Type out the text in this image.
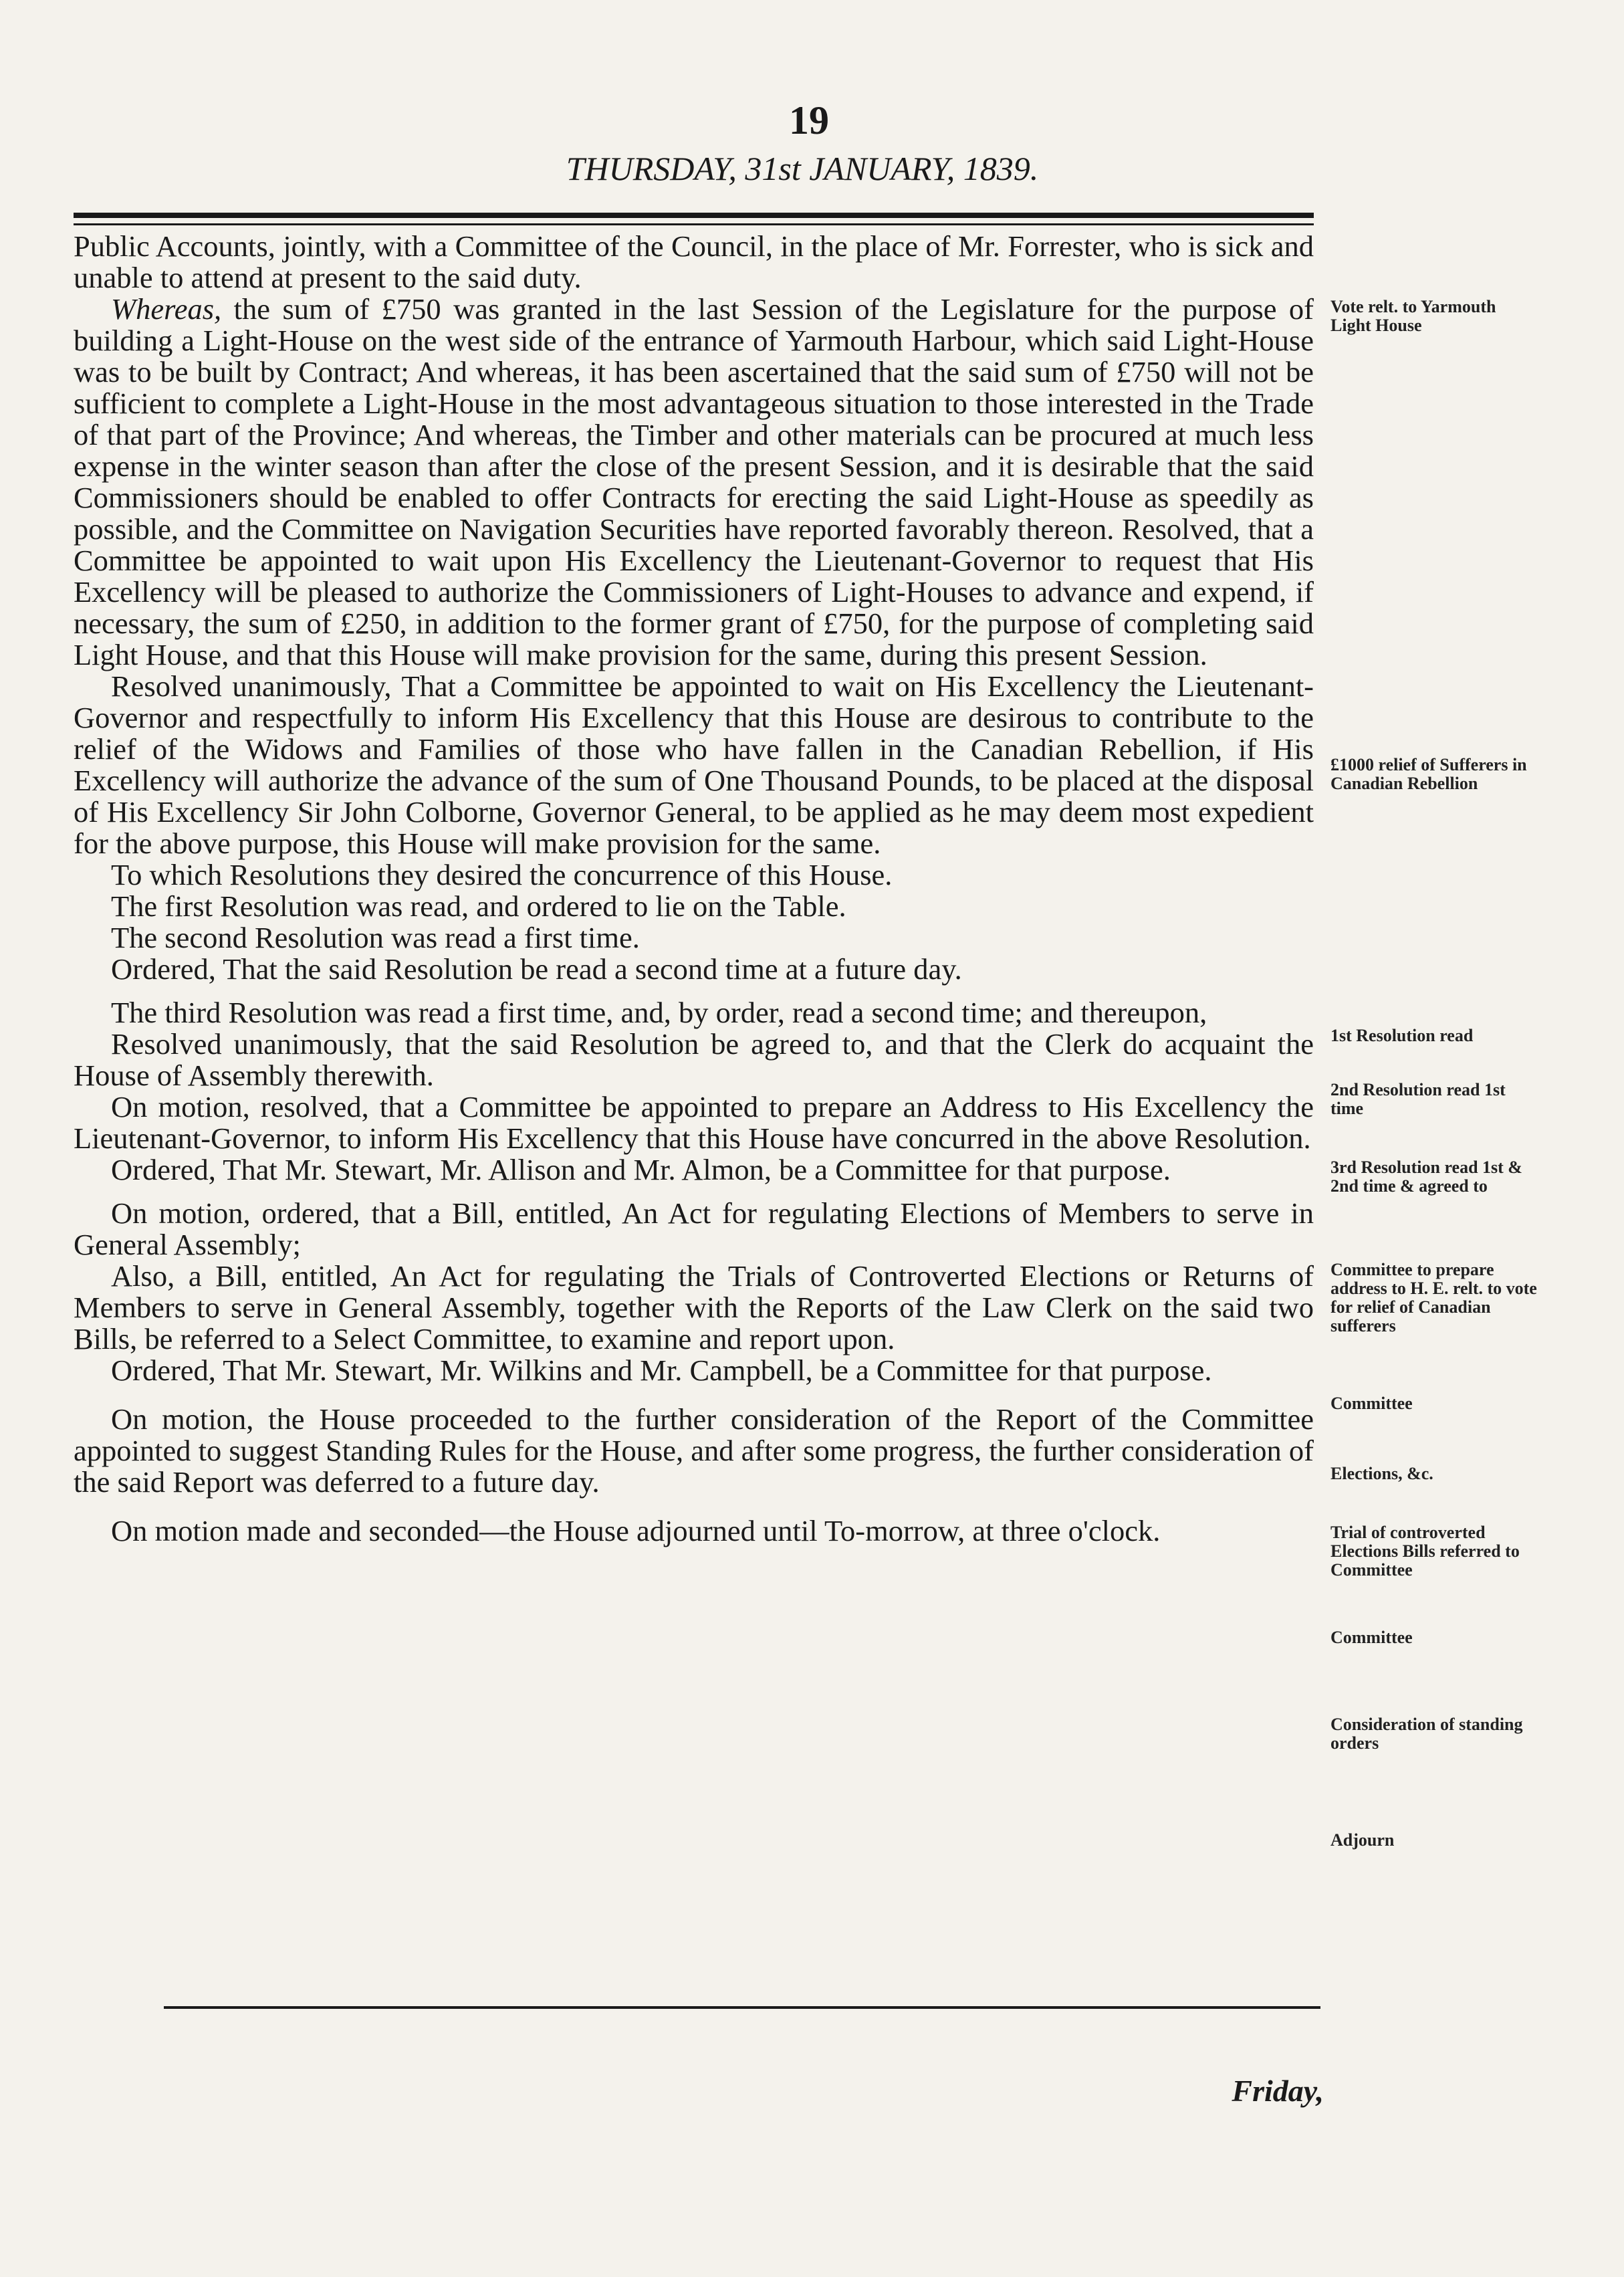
19
THURSDAY, 31st JANUARY, 1839.

Public Accounts, jointly, with a Committee of the Council, in the place of Mr. Forrester, who is sick and unable to attend at present to the said duty.

Whereas, the sum of £750 was granted in the last Session of the Legislature for the purpose of building a Light-House on the west side of the entrance of Yarmouth Harbour, which said Light-House was to be built by Contract; And whereas, it has been ascertained that the said sum of £750 will not be sufficient to complete a Light-House in the most advantageous situation to those interested in the Trade of that part of the Province; And whereas, the Timber and other materials can be procured at much less expense in the winter season than after the close of the present Session, and it is desirable that the said Commissioners should be enabled to offer Contracts for erecting the said Light-House as speedily as possible, and the Committee on Navigation Securities have reported favorably thereon. Resolved, that a Committee be appointed to wait upon His Excellency the Lieutenant-Governor to request that His Excellency will be pleased to authorize the Commissioners of Light-Houses to advance and expend, if necessary, the sum of £250, in addition to the former grant of £750, for the purpose of completing said Light House, and that this House will make provision for the same, during this present Session.

Resolved unanimously, That a Committee be appointed to wait on His Excellency the Lieutenant-Governor and respectfully to inform His Excellency that this House are desirous to contribute to the relief of the Widows and Families of those who have fallen in the Canadian Rebellion, if His Excellency will authorize the advance of the sum of One Thousand Pounds, to be placed at the disposal of His Excellency Sir John Colborne, Governor General, to be applied as he may deem most expedient for the above purpose, this House will make provision for the same.

To which Resolutions they desired the concurrence of this House.

The first Resolution was read, and ordered to lie on the Table.

The second Resolution was read a first time.

Ordered, That the said Resolution be read a second time at a future day.

The third Resolution was read a first time, and, by order, read a second time; and thereupon,

Resolved unanimously, that the said Resolution be agreed to, and that the Clerk do acquaint the House of Assembly therewith.

On motion, resolved, that a Committee be appointed to prepare an Address to His Excellency the Lieutenant-Governor, to inform His Excellency that this House have concurred in the above Resolution.

Ordered, That Mr. Stewart, Mr. Allison and Mr. Almon, be a Committee for that purpose.

On motion, ordered, that a Bill, entitled, An Act for regulating Elections of Members to serve in General Assembly;

Also, a Bill, entitled, An Act for regulating the Trials of Controverted Elections or Returns of Members to serve in General Assembly, together with the Reports of the Law Clerk on the said two Bills, be referred to a Select Committee, to examine and report upon.

Ordered, That Mr. Stewart, Mr. Wilkins and Mr. Campbell, be a Committee for that purpose.

On motion, the House proceeded to the further consideration of the Report of the Committee appointed to suggest Standing Rules for the House, and after some progress, the further consideration of the said Report was deferred to a future day.

On motion made and seconded—the House adjourned until To-morrow, at three o'clock.

Vote relt. to Yarmouth Light House
£1000 relief of Sufferers in Canadian Rebellion
1st Resolution read
2nd Resolution read 1st time
3rd Resolution read 1st & 2nd time & agreed to
Committee to prepare address to H. E. relt. to vote for relief of Canadian sufferers
Committee
Elections, &c.
Trial of controverted Elections Bills referred to Committee
Committee
Consideration of standing orders
Adjourn
Friday,
